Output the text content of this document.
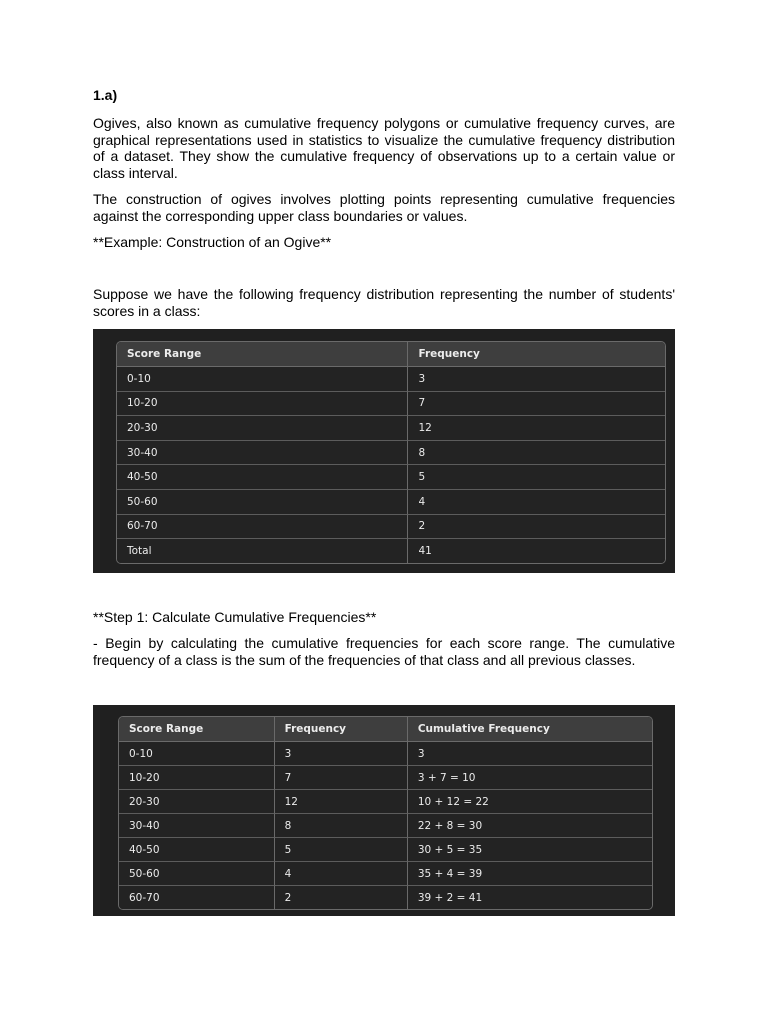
1.a)

Ogives, also known as cumulative frequency polygons or cumulative frequency curves, are graphical representations used in statistics to visualize the cumulative frequency distribution of a dataset. They show the cumulative frequency of observations up to a certain value or class interval.

The construction of ogives involves plotting points representing cumulative frequencies against the corresponding upper class boundaries or values.

**Example: Construction of an Ogive**

Suppose we have the following frequency distribution representing the number of students' scores in a class:

Score Range	Frequency
0-10	3
10-20	7
20-30	12
30-40	8
40-50	5
50-60	4
60-70	2
Total	41

**Step 1: Calculate Cumulative Frequencies**

- Begin by calculating the cumulative frequencies for each score range. The cumulative frequency of a class is the sum of the frequencies of that class and all previous classes.

Score Range	Frequency	Cumulative Frequency
0-10	3	3
10-20	7	3 + 7 = 10
20-30	12	10 + 12 = 22
30-40	8	22 + 8 = 30
40-50	5	30 + 5 = 35
50-60	4	35 + 4 = 39
60-70	2	39 + 2 = 41
